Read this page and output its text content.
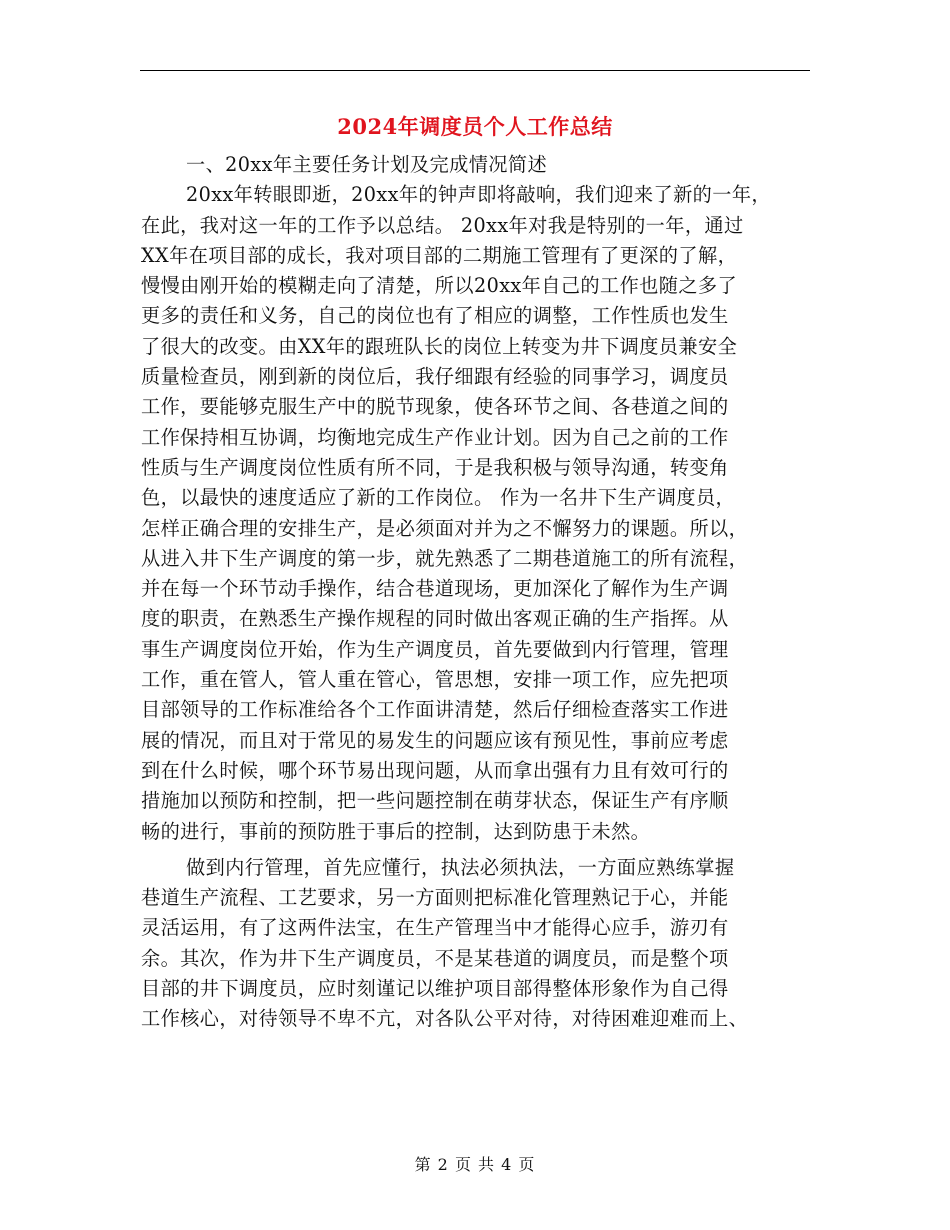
2024年调度员个人工作总结
一、20xx年主要任务计划及完成情况简述
20xx年转眼即逝，20xx年的钟声即将敲响，我们迎来了新的一年，
在此，我对这一年的工作予以总结。 20xx年对我是特别的一年，通过
XX年在项目部的成长，我对项目部的二期施工管理有了更深的了解，
慢慢由刚开始的模糊走向了清楚，所以20xx年自己的工作也随之多了
更多的责任和义务，自己的岗位也有了相应的调整，工作性质也发生
了很大的改变。由XX年的跟班队长的岗位上转变为井下调度员兼安全
质量检查员，刚到新的岗位后，我仔细跟有经验的同事学习，调度员
工作，要能够克服生产中的脱节现象，使各环节之间、各巷道之间的
工作保持相互协调，均衡地完成生产作业计划。因为自己之前的工作
性质与生产调度岗位性质有所不同，于是我积极与领导沟通，转变角
色，以最快的速度适应了新的工作岗位。 作为一名井下生产调度员，
怎样正确合理的安排生产，是必须面对并为之不懈努力的课题。所以，
从进入井下生产调度的第一步，就先熟悉了二期巷道施工的所有流程，
并在每一个环节动手操作，结合巷道现场，更加深化了解作为生产调
度的职责，在熟悉生产操作规程的同时做出客观正确的生产指挥。从
事生产调度岗位开始，作为生产调度员，首先要做到内行管理，管理
工作，重在管人，管人重在管心，管思想，安排一项工作，应先把项
目部领导的工作标准给各个工作面讲清楚，然后仔细检查落实工作进
展的情况，而且对于常见的易发生的问题应该有预见性，事前应考虑
到在什么时候，哪个环节易出现问题，从而拿出强有力且有效可行的
措施加以预防和控制，把一些问题控制在萌芽状态，保证生产有序顺
畅的进行，事前的预防胜于事后的控制，达到防患于未然。
做到内行管理，首先应懂行，执法必须执法，一方面应熟练掌握
巷道生产流程、工艺要求，另一方面则把标准化管理熟记于心，并能
灵活运用，有了这两件法宝，在生产管理当中才能得心应手，游刃有
余。其次，作为井下生产调度员，不是某巷道的调度员，而是整个项
目部的井下调度员，应时刻谨记以维护项目部得整体形象作为自己得
工作核心，对待领导不卑不亢，对各队公平对待，对待困难迎难而上、
第 2 页 共 4 页
